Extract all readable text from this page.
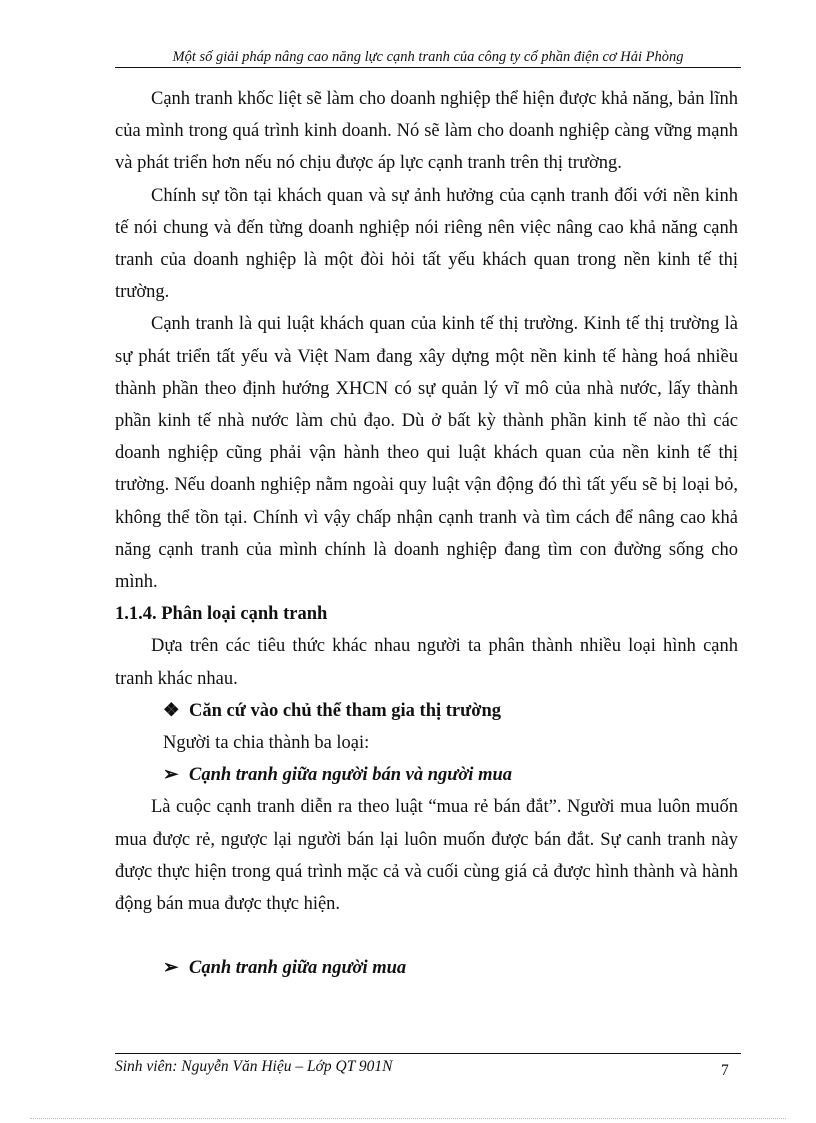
Một số giải pháp nâng cao năng lực cạnh tranh của công ty cổ phần điện cơ Hải Phòng

Cạnh tranh khốc liệt sẽ làm cho doanh nghiệp thể hiện được khả năng, bản lĩnh của mình trong quá trình kinh doanh. Nó sẽ làm cho doanh nghiệp càng vững mạnh và phát triển hơn nếu nó chịu được áp lực cạnh tranh trên thị trường.

Chính sự tồn tại khách quan và sự ảnh hưởng của cạnh tranh đối với nền kinh tế nói chung và đến từng doanh nghiệp nói riêng nên việc nâng cao khả năng cạnh tranh của doanh nghiệp là một đòi hỏi tất yếu khách quan trong nền kinh tế thị trường.

Cạnh tranh là qui luật khách quan của kinh tế thị trường. Kinh tế thị trường là sự phát triển tất yếu và Việt Nam đang xây dựng một nền kinh tế hàng hoá nhiều thành phần theo định hướng XHCN có sự quản lý vĩ mô của nhà nước, lấy thành phần kinh tế nhà nước làm chủ đạo. Dù ở bất kỳ thành phần kinh tế nào thì các doanh nghiệp cũng phải vận hành theo qui luật khách quan của nền kinh tế thị trường. Nếu doanh nghiệp nằm ngoài quy luật vận động đó thì tất yếu sẽ bị loại bỏ, không thể tồn tại. Chính vì vậy chấp nhận cạnh tranh và tìm cách để nâng cao khả năng cạnh tranh của mình chính là doanh nghiệp đang tìm con đường sống cho mình.

1.1.4. Phân loại cạnh tranh

Dựa trên các tiêu thức khác nhau người ta phân thành nhiều loại hình cạnh tranh khác nhau.

❖ Căn cứ vào chủ thể tham gia thị trường

Người ta chia thành ba loại:

➢ Cạnh tranh giữa người bán và người mua

Là cuộc cạnh tranh diễn ra theo luật “mua rẻ bán đắt”. Người mua luôn muốn mua được rẻ, ngược lại người bán lại luôn muốn được bán đắt. Sự canh tranh này được thực hiện trong quá trình mặc cả và cuối cùng giá cả được hình thành và hành động bán mua được thực hiện.

➢ Cạnh tranh giữa người mua

Sinh viên: Nguyễn Văn Hiệu – Lớp QT 901N	7
